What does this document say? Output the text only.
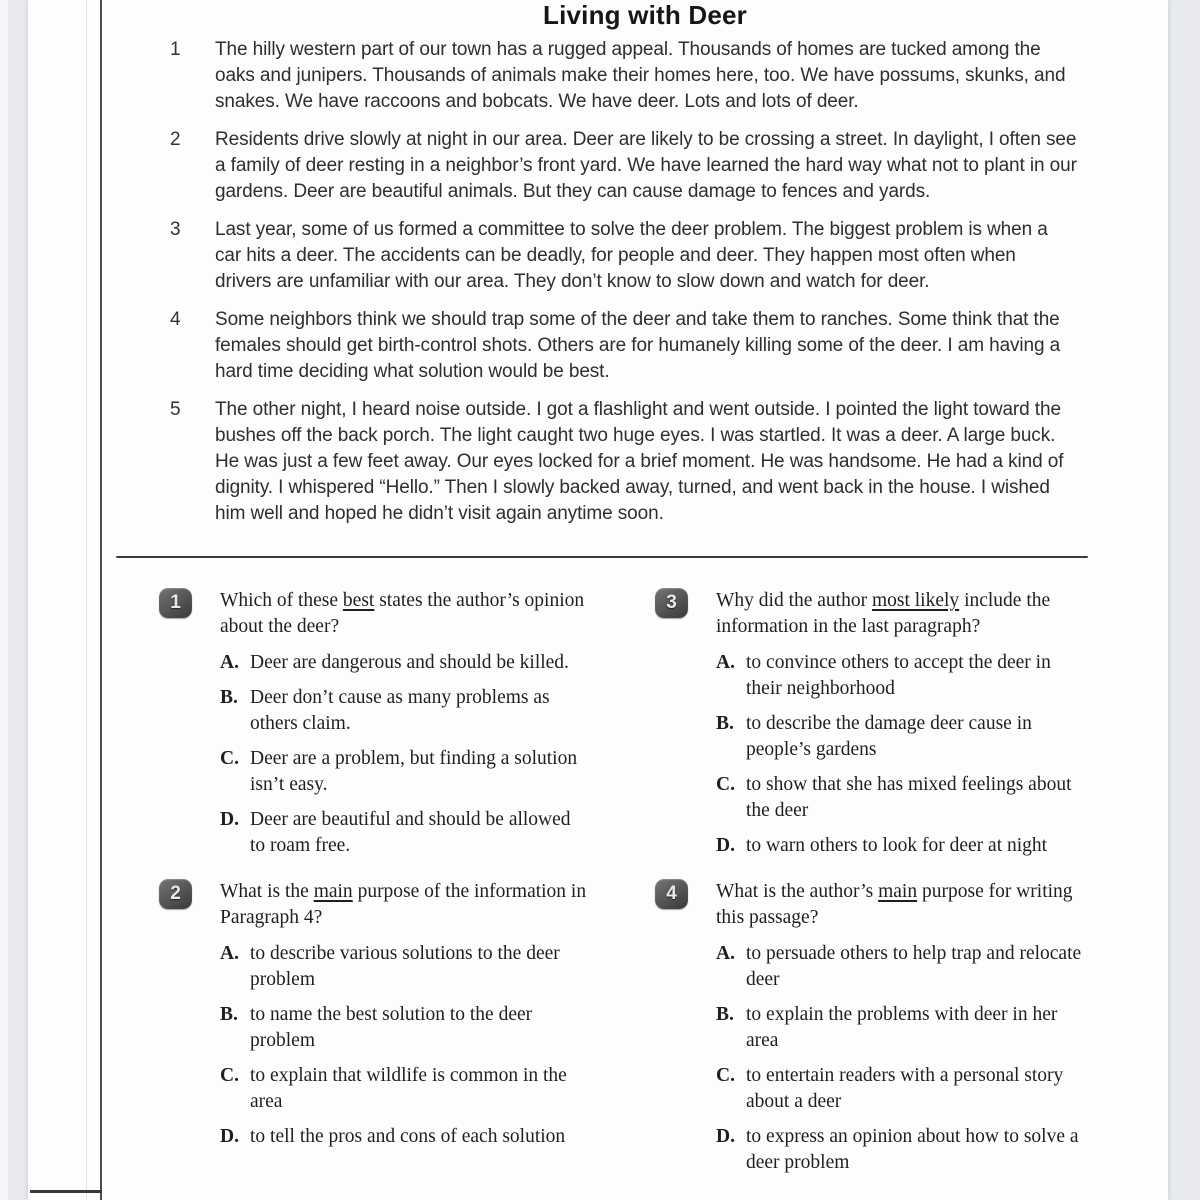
Living with Deer
1	The hilly western part of our town has a rugged appeal. Thousands of homes are tucked among the oaks and junipers. Thousands of animals make their homes here, too. We have possums, skunks, and snakes. We have raccoons and bobcats. We have deer. Lots and lots of deer.
2	Residents drive slowly at night in our area. Deer are likely to be crossing a street. In daylight, I often see a family of deer resting in a neighbor’s front yard. We have learned the hard way what not to plant in our gardens. Deer are beautiful animals. But they can cause damage to fences and yards.
3	Last year, some of us formed a committee to solve the deer problem. The biggest problem is when a car hits a deer. The accidents can be deadly, for people and deer. They happen most often when drivers are unfamiliar with our area. They don’t know to slow down and watch for deer.
4	Some neighbors think we should trap some of the deer and take them to ranches. Some think that the females should get birth-control shots. Others are for humanely killing some of the deer. I am having a hard time deciding what solution would be best.
5	The other night, I heard noise outside. I got a flashlight and went outside. I pointed the light toward the bushes off the back porch. The light caught two huge eyes. I was startled. It was a deer. A large buck. He was just a few feet away. Our eyes locked for a brief moment. He was handsome. He had a kind of dignity. I whispered “Hello.” Then I slowly backed away, turned, and went back in the house. I wished him well and hoped he didn’t visit again anytime soon.
1	Which of these best states the author’s opinion about the deer?

A. Deer are dangerous and should be killed.
B. Deer don’t cause as many problems as others claim.
C. Deer are a problem, but finding a solution isn’t easy.
D. Deer are beautiful and should be allowed to roam free.
2	What is the main purpose of the information in Paragraph 4?

A. to describe various solutions to the deer problem
B. to name the best solution to the deer problem
C. to explain that wildlife is common in the area
D. to tell the pros and cons of each solution
3	Why did the author most likely include the information in the last paragraph?

A. to convince others to accept the deer in their neighborhood
B. to describe the damage deer cause in people’s gardens
C. to show that she has mixed feelings about the deer
D. to warn others to look for deer at night
4	What is the author’s main purpose for writing this passage?

A. to persuade others to help trap and relocate deer
B. to explain the problems with deer in her area
C. to entertain readers with a personal story about a deer
D. to express an opinion about how to solve a deer problem
